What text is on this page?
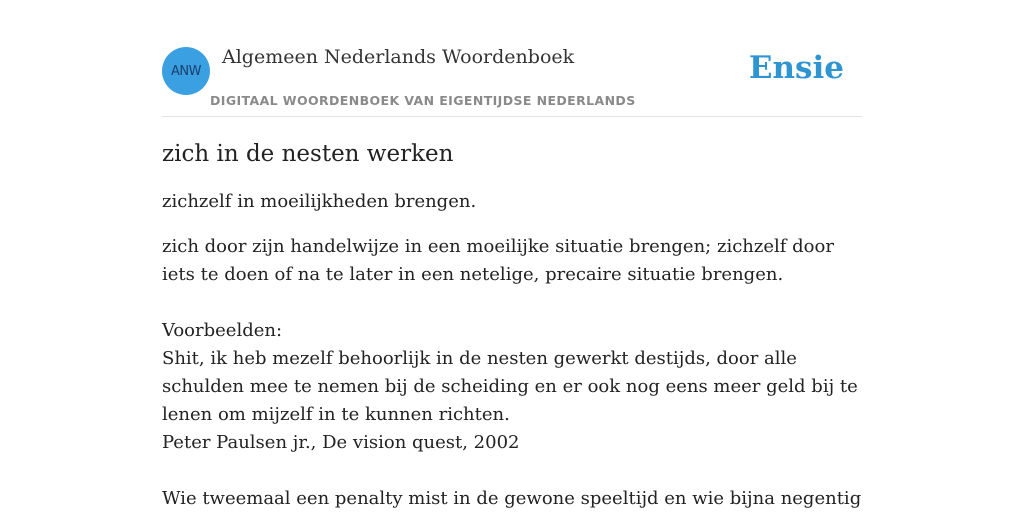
ANW
Algemeen Nederlands Woordenboek
DIGITAAL WOORDENBOEK VAN EIGENTIJDSE NEDERLANDS
Ensie
zich in de nesten werken

zichzelf in moeilijkheden brengen.

zich door zijn handelwijze in een moeilijke situatie brengen; zichzelf door iets te doen of na te later in een netelige, precaire situatie brengen.

Voorbeelden:

Shit, ik heb mezelf behoorlijk in de nesten gewerkt destijds, door alle schulden mee te nemen bij de scheiding en er ook nog eens meer geld bij te lenen om mijzelf in te kunnen richten.

Peter Paulsen jr., De vision quest, 2002

Wie tweemaal een penalty mist in de gewone speeltijd en wie bijna negentig
